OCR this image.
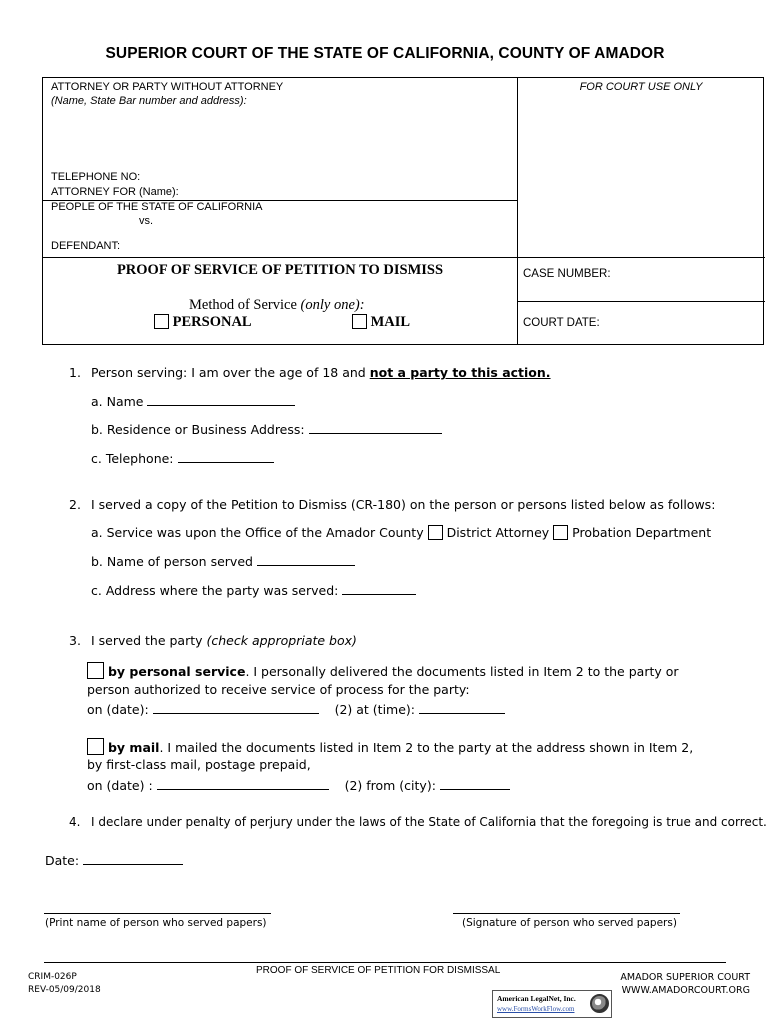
SUPERIOR COURT OF THE STATE OF CALIFORNIA, COUNTY OF AMADOR
ATTORNEY OR PARTY WITHOUT ATTORNEY
(Name, State Bar number and address):
FOR COURT USE ONLY
TELEPHONE NO:
ATTORNEY FOR (Name):
PEOPLE OF THE STATE OF CALIFORNIA
vs.
DEFENDANT:
PROOF OF SERVICE OF PETITION TO DISMISS
Method of Service (only one):
PERSONAL	MAIL
CASE NUMBER:
COURT DATE:
1. Person serving: I am over the age of 18 and not a party to this action.
a. Name
b. Residence or Business Address:
c. Telephone:
2. I served a copy of the Petition to Dismiss (CR-180) on the person or persons listed below as follows:
a. Service was upon the Office of the Amador County District Attorney Probation Department
b. Name of person served
c. Address where the party was served:
3. I served the party (check appropriate box)
by personal service. I personally delivered the documents listed in Item 2 to the party or
person authorized to receive service of process for the party:
on (date):	(2) at (time):
by mail. I mailed the documents listed in Item 2 to the party at the address shown in Item 2,
by first-class mail, postage prepaid,
on (date) :	(2) from (city):
4. I declare under penalty of perjury under the laws of the State of California that the foregoing is true and correct.
Date:
(Print name of person who served papers)	(Signature of person who served papers)
CRIM-026P
REV-05/09/2018
PROOF OF SERVICE OF PETITION FOR DISMISSAL
AMADOR SUPERIOR COURT
WWW.AMADORCOURT.ORG
American LegalNet, Inc.
www.FormsWorkFlow.com
